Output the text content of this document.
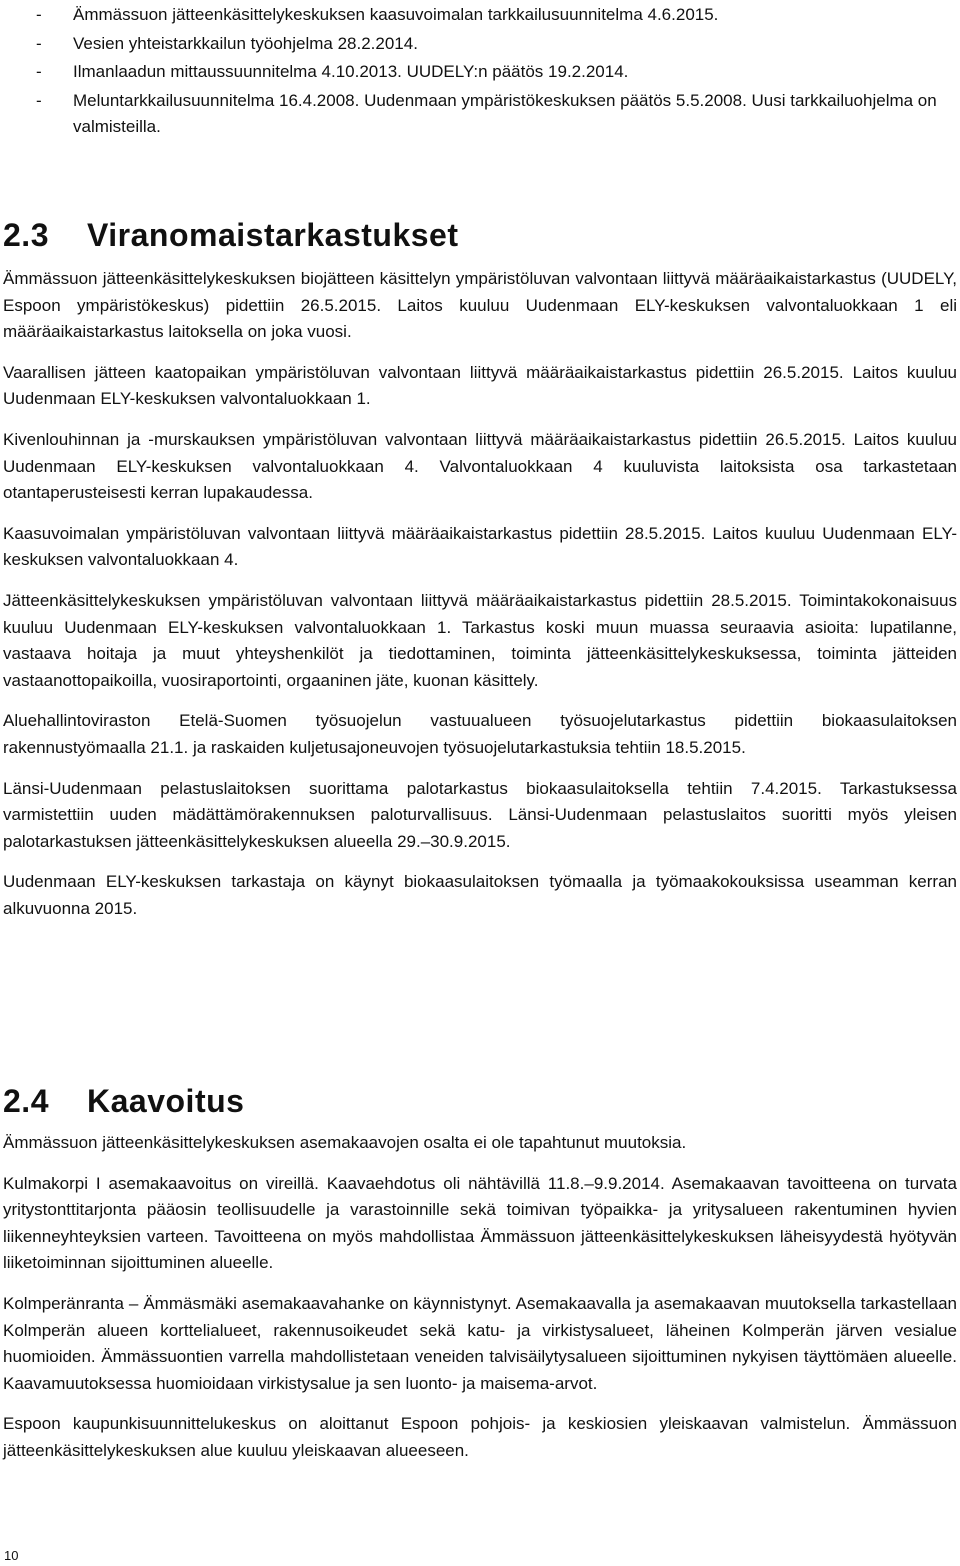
-	Ämmässuon jätteenkäsittelykeskuksen kaasuvoimalan tarkkailusuunnitelma 4.6.2015.
-	Vesien yhteistarkkailun työohjelma 28.2.2014.
-	Ilmanlaadun mittaussuunnitelma 4.10.2013. UUDELY:n päätös 19.2.2014.
-	Meluntarkkailusuunnitelma 16.4.2008. Uudenmaan ympäristökeskuksen päätös 5.5.2008. Uusi tarkkailuohjelma on valmisteilla.
2.3 Viranomaistarkastukset

Ämmässuon jätteenkäsittelykeskuksen biojätteen käsittelyn ympäristöluvan valvontaan liittyvä määräaikaistarkastus (UUDELY, Espoon ympäristökeskus) pidettiin 26.5.2015. Laitos kuuluu Uudenmaan ELY-keskuksen valvontaluokkaan 1 eli määräaikaistarkastus laitoksella on joka vuosi.

Vaarallisen jätteen kaatopaikan ympäristöluvan valvontaan liittyvä määräaikaistarkastus pidettiin 26.5.2015. Laitos kuuluu Uudenmaan ELY-keskuksen valvontaluokkaan 1.

Kivenlouhinnan ja -murskauksen ympäristöluvan valvontaan liittyvä määräaikaistarkastus pidettiin 26.5.2015. Laitos kuuluu Uudenmaan ELY-keskuksen valvontaluokkaan 4. Valvontaluokkaan 4 kuuluvista laitoksista osa tarkastetaan otantaperusteisesti kerran lupakaudessa.

Kaasuvoimalan ympäristöluvan valvontaan liittyvä määräaikaistarkastus pidettiin 28.5.2015. Laitos kuuluu Uudenmaan ELY-keskuksen valvontaluokkaan 4.

Jätteenkäsittelykeskuksen ympäristöluvan valvontaan liittyvä määräaikaistarkastus pidettiin 28.5.2015. Toimintakokonaisuus kuuluu Uudenmaan ELY-keskuksen valvontaluokkaan 1. Tarkastus koski muun muassa seuraavia asioita: lupatilanne, vastaava hoitaja ja muut yhteyshenkilöt ja tiedottaminen, toiminta jätteenkäsittelykeskuksessa, toiminta jätteiden vastaanottopaikoilla, vuosiraportointi, orgaaninen jäte, kuonan käsittely.

Aluehallintoviraston Etelä-Suomen työsuojelun vastuualueen työsuojelutarkastus pidettiin biokaasulaitoksen rakennustyömaalla 21.1. ja raskaiden kuljetusajoneuvojen työsuojelutarkastuksia tehtiin 18.5.2015.

Länsi-Uudenmaan pelastuslaitoksen suorittama palotarkastus biokaasulaitoksella tehtiin 7.4.2015. Tarkastuksessa varmistettiin uuden mädättämörakennuksen paloturvallisuus. Länsi-Uudenmaan pelastuslaitos suoritti myös yleisen palotarkastuksen jätteenkäsittelykeskuksen alueella 29.–30.9.2015.

Uudenmaan ELY-keskuksen tarkastaja on käynyt biokaasulaitoksen työmaalla ja työmaakokouksissa useamman kerran alkuvuonna 2015.

2.4 Kaavoitus

Ämmässuon jätteenkäsittelykeskuksen asemakaavojen osalta ei ole tapahtunut muutoksia.

Kulmakorpi I asemakaavoitus on vireillä. Kaavaehdotus oli nähtävillä 11.8.–9.9.2014. Asemakaavan tavoitteena on turvata yritystonttitarjonta pääosin teollisuudelle ja varastoinnille sekä toimivan työpaikka- ja yritysalueen rakentuminen hyvien liikenneyhteyksien varteen. Tavoitteena on myös mahdollistaa Ämmässuon jätteenkäsittelykeskuksen läheisyydestä hyötyvän liiketoiminnan sijoittuminen alueelle.

Kolmperänranta – Ämmäsmäki asemakaavahanke on käynnistynyt. Asemakaavalla ja asemakaavan muutoksella tarkastellaan Kolmperän alueen korttelialueet, rakennusoikeudet sekä katu- ja virkistysalueet, läheinen Kolmperän järven vesialue huomioiden. Ämmässuontien varrella mahdollistetaan veneiden talvisäilytysalueen sijoittuminen nykyisen täyttömäen alueelle. Kaavamuutoksessa huomioidaan virkistysalue ja sen luonto- ja maisema-arvot.

Espoon kaupunkisuunnittelukeskus on aloittanut Espoon pohjois- ja keskiosien yleiskaavan valmistelun. Ämmässuon jätteenkäsittelykeskuksen alue kuuluu yleiskaavan alueeseen.

10
